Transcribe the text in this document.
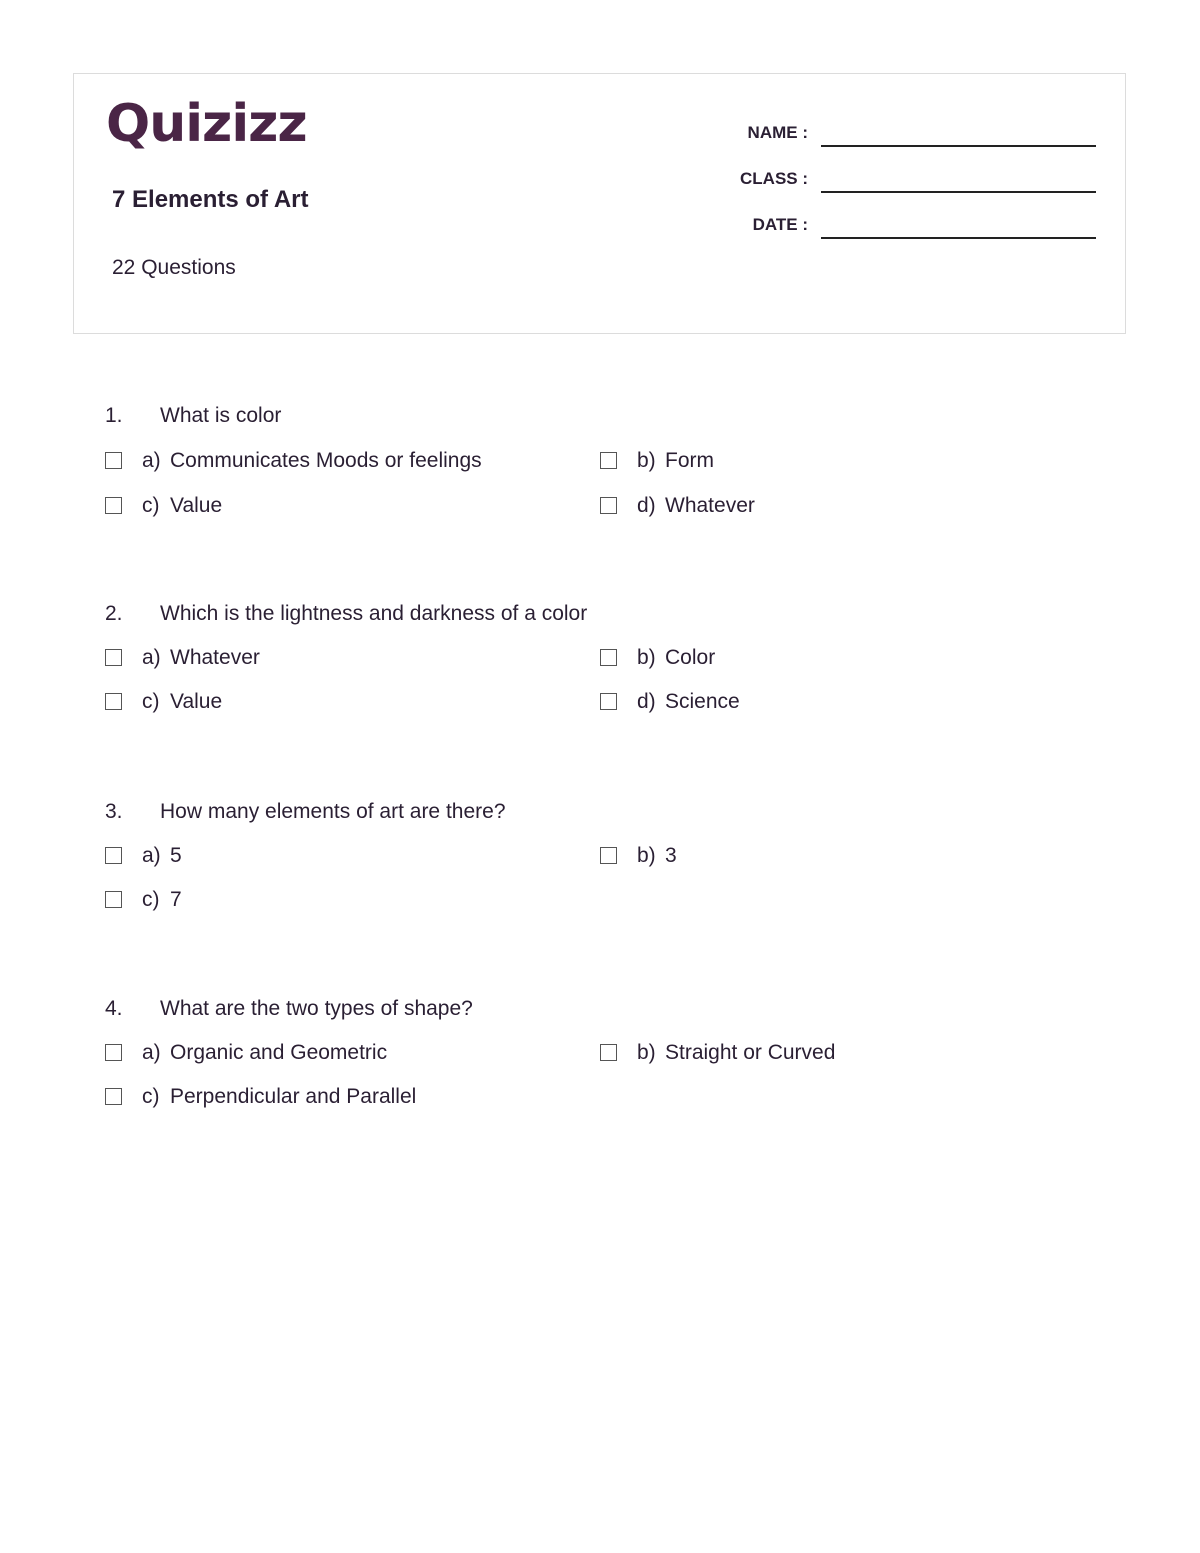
Quizizz
7 Elements of Art
22 Questions
NAME :
CLASS :
DATE :
1. What is color
a) Communicates Moods or feelings	b) Form
c) Value	d) Whatever
2. Which is the lightness and darkness of a color
a) Whatever	b) Color
c) Value	d) Science
3. How many elements of art are there?
a) 5	b) 3
c) 7
4. What are the two types of shape?
a) Organic and Geometric	b) Straight or Curved
c) Perpendicular and Parallel
